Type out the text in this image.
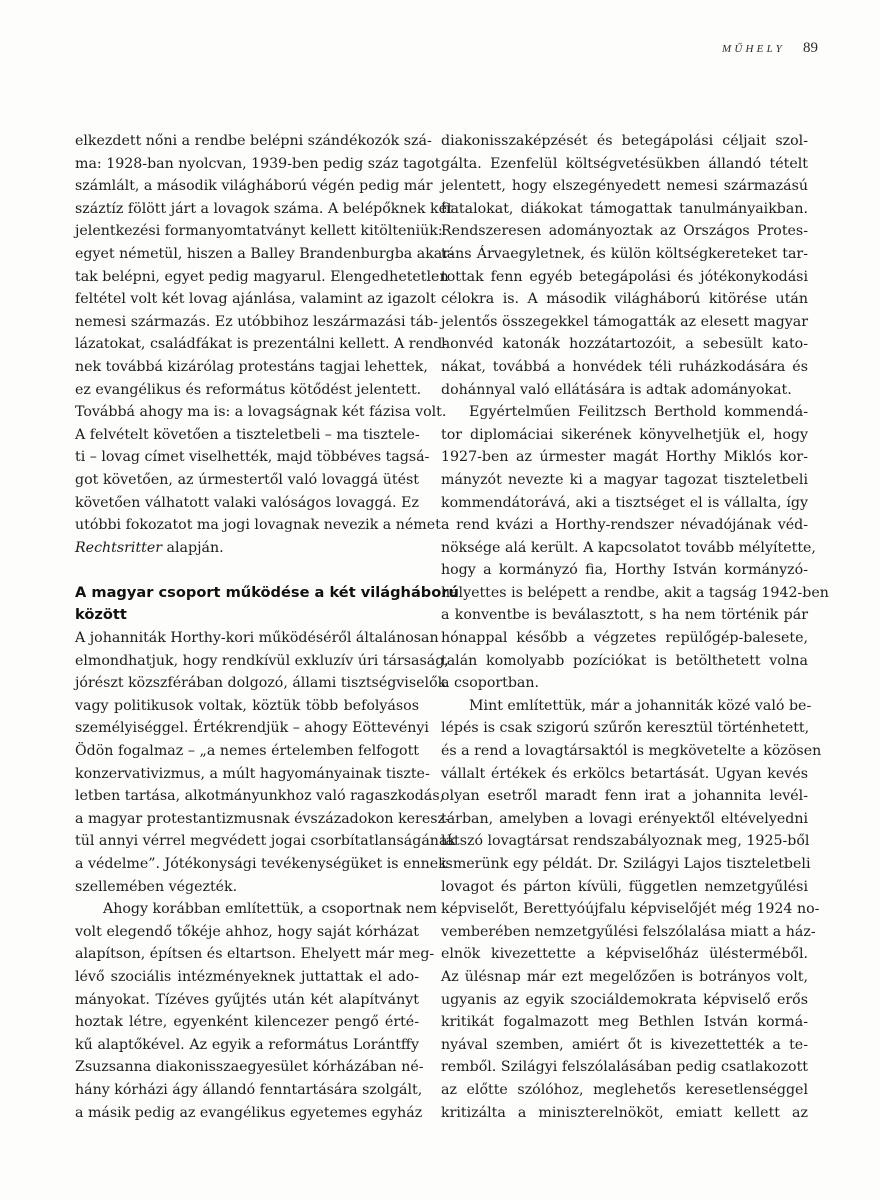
MŰHELY 89
elkezdett nőni a rendbe belépni szándékozók szá-
ma: 1928-ban nyolcvan, 1939-ben pedig száz tagot
számlált, a második világháború végén pedig már
száztíz fölött járt a lovagok száma. A belépőknek két
jelentkezési formanyomtatványt kellett kitölteniük:
egyet németül, hiszen a Balley Brandenburgba akar-
tak belépni, egyet pedig magyarul. Elengedhetetlen
feltétel volt két lovag ajánlása, valamint az igazolt
nemesi származás. Ez utóbbihoz leszármazási táb-
lázatokat, családfákat is prezentálni kellett. A rend-
nek továbbá kizárólag protestáns tagjai lehettek,
ez evangélikus és református kötődést jelentett.
Továbbá ahogy ma is: a lovagságnak két fázisa volt.
A felvételt követően a tiszteletbeli – ma tisztele-
ti – lovag címet viselhették, majd többéves tagsá-
got követően, az úrmestertől való lovaggá ütést
követően válhatott valaki valóságos lovaggá. Ez
utóbbi fokozatot ma jogi lovagnak nevezik a német
Rechtsritter alapján.
A magyar csoport működése a két világháború
között
A johanniták Horthy-kori működéséről általánosan
elmondhatjuk, hogy rendkívül exkluzív úri társaság,
jórészt közszférában dolgozó, állami tisztségviselők
vagy politikusok voltak, köztük több befolyásos
személyiséggel. Értékrendjük – ahogy Eöttevényi
Ödön fogalmaz – „a nemes értelemben felfogott
konzervativizmus, a múlt hagyományainak tiszte-
letben tartása, alkotmányunkhoz való ragaszkodás,
a magyar protestantizmusnak évszázadokon keresz-
tül annyi vérrel megvédett jogai csorbítatlanságának
a védelme”. Jótékonysági tevékenységüket is ennek
szellemében végezték.
Ahogy korábban említettük, a csoportnak nem
volt elegendő tőkéje ahhoz, hogy saját kórházat
alapítson, építsen és eltartson. Ehelyett már meg-
lévő szociális intézményeknek juttattak el ado-
mányokat. Tízéves gyűjtés után két alapítványt
hoztak létre, egyenként kilencezer pengő érté-
kű alaptőkével. Az egyik a református Lorántffy
Zsuzsanna diakonisszaegyesület kórházában né-
hány kórházi ágy állandó fenntartására szolgált,
a másik pedig az evangélikus egyetemes egyház
diakonisszaképzését és betegápolási céljait szol-
gálta. Ezenfelül költségvetésükben állandó tételt
jelentett, hogy elszegényedett nemesi származású
fiatalokat, diákokat támogattak tanulmányaikban.
Rendszeresen adományoztak az Országos Protes-
táns Árvaegyletnek, és külön költségkereteket tar-
tottak fenn egyéb betegápolási és jótékonykodási
célokra is. A második világháború kitörése után
jelentős összegekkel támogatták az elesett magyar
honvéd katonák hozzátartozóit, a sebesült kato-
nákat, továbbá a honvédek téli ruházkodására és
dohánnyal való ellátására is adtak adományokat.
Egyértelműen Feilitzsch Berthold kommendá-
tor diplomáciai sikerének könyvelhetjük el, hogy
1927-ben az úrmester magát Horthy Miklós kor-
mányzót nevezte ki a magyar tagozat tiszteletbeli
kommendátorává, aki a tisztséget el is vállalta, így
a rend kvázi a Horthy-rendszer névadójának véd-
nöksége alá került. A kapcsolatot tovább mélyítette,
hogy a kormányzó fia, Horthy István kormányzó-
helyettes is belépett a rendbe, akit a tagság 1942-ben
a konventbe is beválasztott, s ha nem történik pár
hónappal később a végzetes repülőgép-balesete,
talán komolyabb pozíciókat is betölthetett volna
a csoportban.
Mint említettük, már a johanniták közé való be-
lépés is csak szigorú szűrőn keresztül történhetett,
és a rend a lovagtársaktól is megkövetelte a közösen
vállalt értékek és erkölcs betartását. Ugyan kevés
olyan esetről maradt fenn irat a johannita levél-
tárban, amelyben a lovagi erényektől eltévelyedni
látszó lovagtársat rendszabályoznak meg, 1925-ből
ismerünk egy példát. Dr. Szilágyi Lajos tiszteletbeli
lovagot és párton kívüli, független nemzetgyűlési
képviselőt, Berettyóújfalu képviselőjét még 1924 no-
vemberében nemzetgyűlési felszólalása miatt a ház-
elnök kivezettette a képviselőház ülésterméből.
Az ülésnap már ezt megelőzően is botrányos volt,
ugyanis az egyik szociáldemokrata képviselő erős
kritikát fogalmazott meg Bethlen István kormá-
nyával szemben, amiért őt is kivezettették a te-
remből. Szilágyi felszólalásában pedig csatlakozott
az előtte szólóhoz, meglehetős keresetlenséggel
kritizálta a miniszterelnököt, emiatt kellett az
